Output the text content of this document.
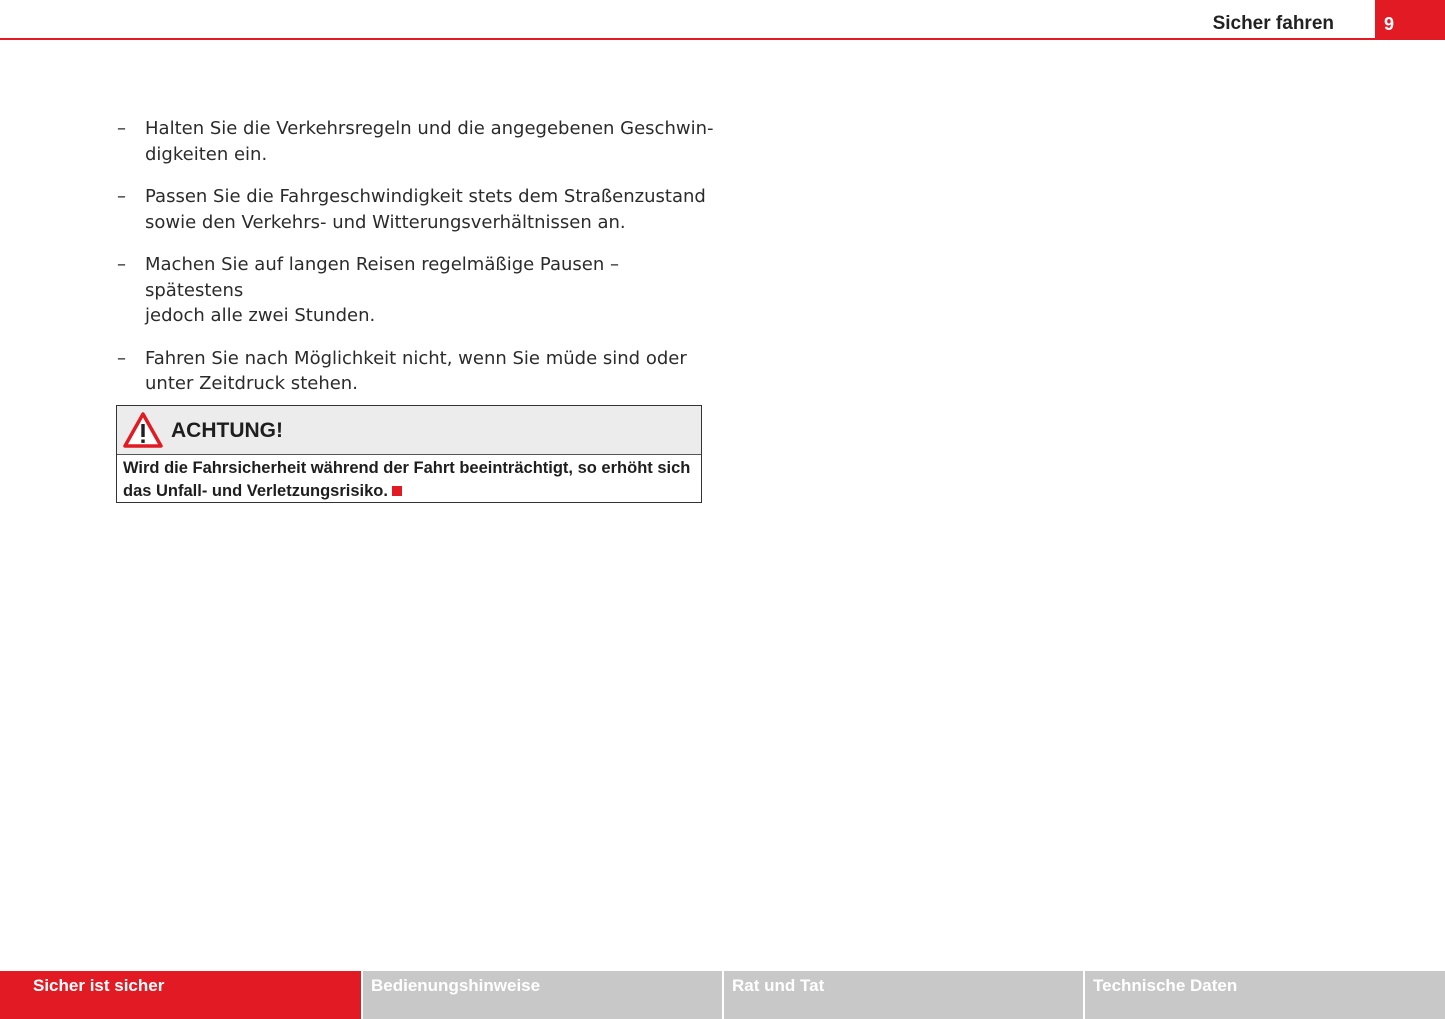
Sicher fahren	9
– Halten Sie die Verkehrsregeln und die angegebenen Geschwin-
digkeiten ein.
– Passen Sie die Fahrgeschwindigkeit stets dem Straßenzustand
sowie den Verkehrs- und Witterungsverhältnissen an.
– Machen Sie auf langen Reisen regelmäßige Pausen – spätestens
jedoch alle zwei Stunden.
– Fahren Sie nach Möglichkeit nicht, wenn Sie müde sind oder
unter Zeitdruck stehen.
ACHTUNG!
Wird die Fahrsicherheit während der Fahrt beeinträchtigt, so erhöht sich
das Unfall- und Verletzungsrisiko.
Sicher ist sicher	Bedienungshinweise	Rat und Tat	Technische Daten
